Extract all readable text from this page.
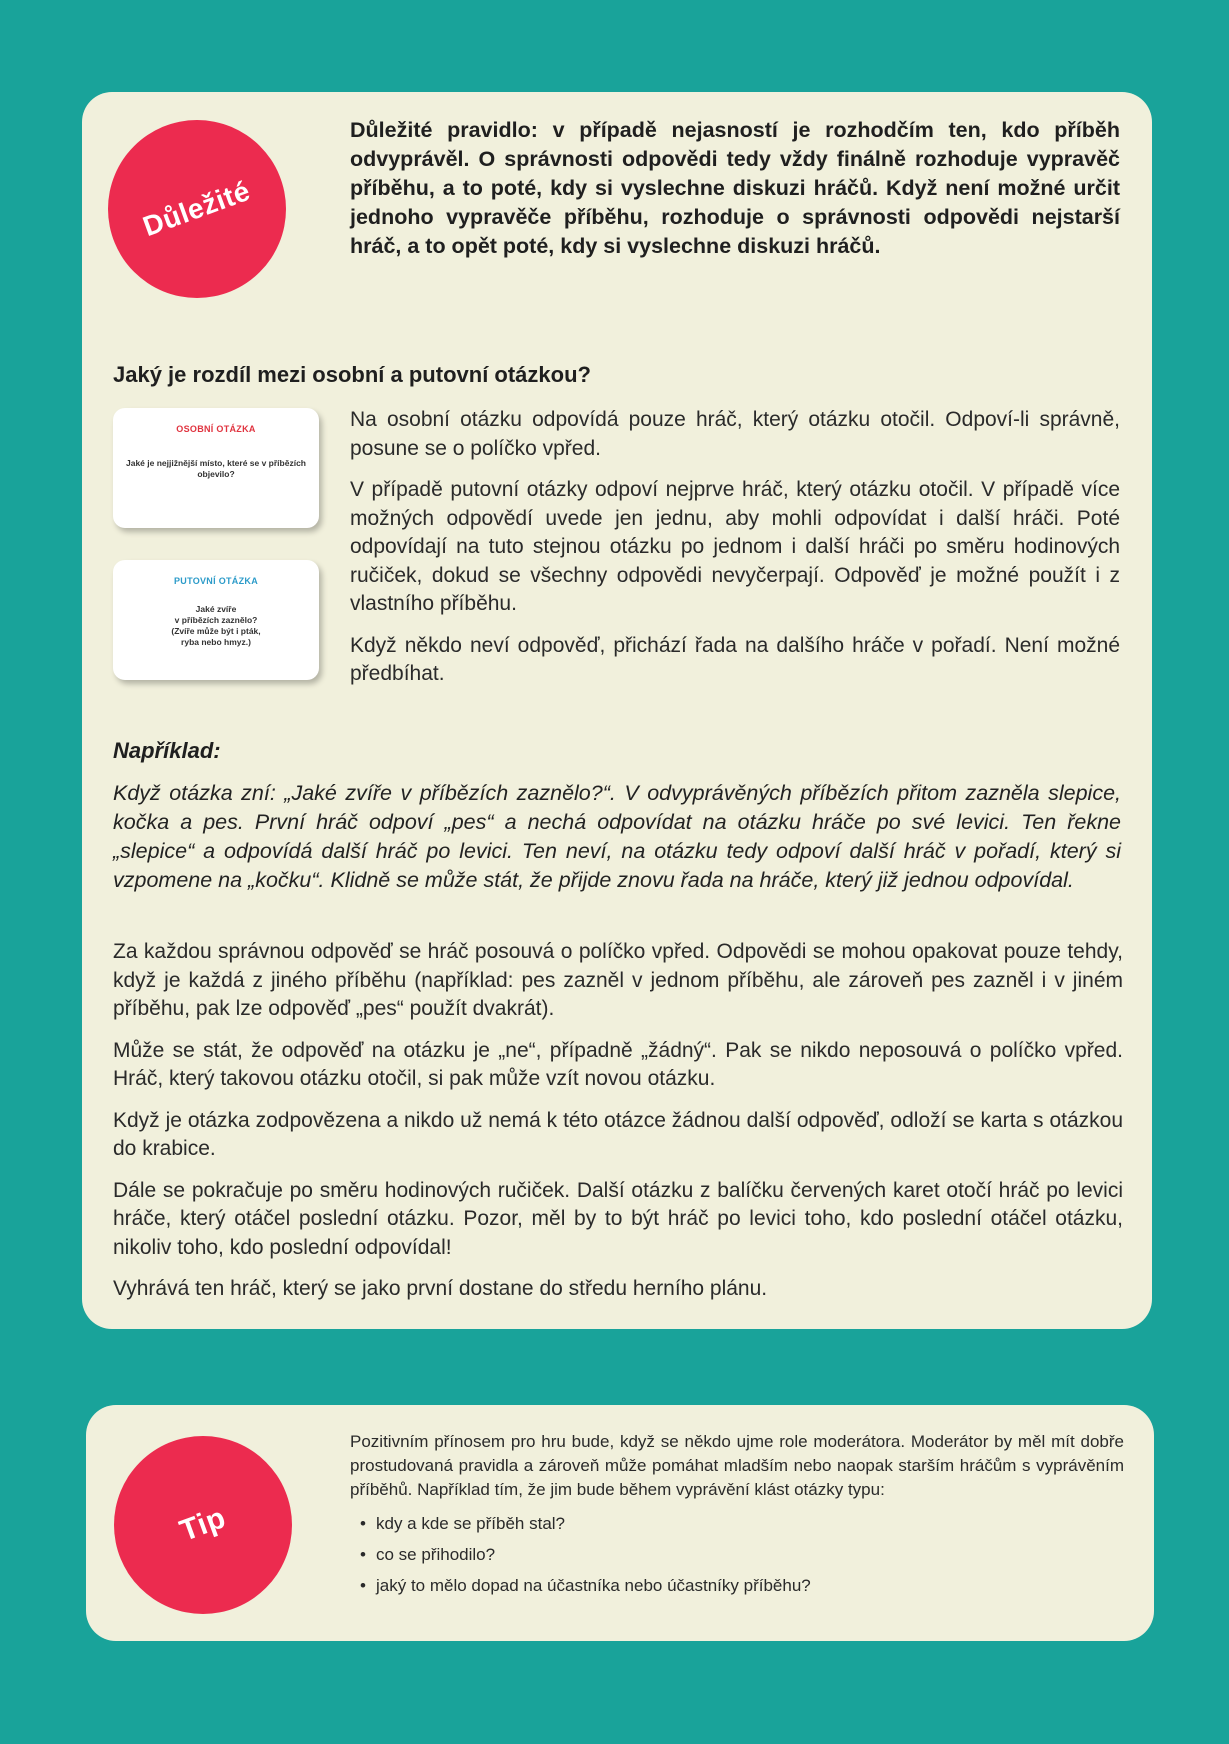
Důležité
Důležité pravidlo: v případě nejasností je rozhodčím ten, kdo příběh odvyprávěl. O správnosti odpovědi tedy vždy finálně rozhoduje vypravěč příběhu, a to poté, kdy si vyslechne diskuzi hráčů. Když není možné určit jednoho vypravěče příběhu, rozhoduje o správnosti odpovědi nejstarší hráč, a to opět poté, kdy si vyslechne diskuzi hráčů.
Jaký je rozdíl mezi osobní a putovní otázkou?
OSOBNÍ OTÁZKA
Jaké je nejjižnější místo, které se v příbězích objevilo?
PUTOVNÍ OTÁZKA
Jaké zvíře
v příbězích zaznělo?
(Zvíře může být i pták,
ryba nebo hmyz.)

Na osobní otázku odpovídá pouze hráč, který otázku otočil. Odpoví-li správně, posune se o políčko vpřed.

V případě putovní otázky odpoví nejprve hráč, který otázku otočil. V případě více možných odpovědí uvede jen jednu, aby mohli odpovídat i další hráči. Poté odpovídají na tuto stejnou otázku po jednom i další hráči po směru hodinových ručiček, dokud se všechny odpovědi nevyčerpají. Odpověď je možné použít i z vlastního příběhu.

Když někdo neví odpověď, přichází řada na dalšího hráče v pořadí. Není možné předbíhat.

Například:
Když otázka zní: „Jaké zvíře v příbězích zaznělo?“. V odvyprávěných příbězích přitom zazněla slepice, kočka a pes. První hráč odpoví „pes“ a nechá odpovídat na otázku hráče po své levici. Ten řekne „slepice“ a odpovídá další hráč po levici. Ten neví, na otázku tedy odpoví další hráč v pořadí, který si vzpomene na „kočku“. Klidně se může stát, že přijde znovu řada na hráče, který již jednou odpovídal.

Za každou správnou odpověď se hráč posouvá o políčko vpřed. Odpovědi se mohou opakovat pouze tehdy, když je každá z jiného příběhu (například: pes zazněl v jednom příběhu, ale zároveň pes zazněl i v jiném příběhu, pak lze odpověď „pes“ použít dvakrát).

Může se stát, že odpověď na otázku je „ne“, případně „žádný“. Pak se nikdo neposouvá o políčko vpřed. Hráč, který takovou otázku otočil, si pak může vzít novou otázku.

Když je otázka zodpovězena a nikdo už nemá k této otázce žádnou další odpověď, odloží se karta s otázkou do krabice.

Dále se pokračuje po směru hodinových ručiček. Další otázku z balíčku červených karet otočí hráč po levici hráče, který otáčel poslední otázku. Pozor, měl by to být hráč po levici toho, kdo poslední otáčel otázku, nikoliv toho, kdo poslední odpovídal!

Vyhrává ten hráč, který se jako první dostane do středu herního plánu.

Tip

Pozitivním přínosem pro hru bude, když se někdo ujme role moderátora. Moderátor by měl mít dobře prostudovaná pravidla a zároveň může pomáhat mladším nebo naopak starším hráčům s vyprávěním příběhů. Například tím, že jim bude během vyprávění klást otázky typu:

• kdy a kde se příběh stal?
• co se přihodilo?
• jaký to mělo dopad na účastníka nebo účastníky příběhu?
